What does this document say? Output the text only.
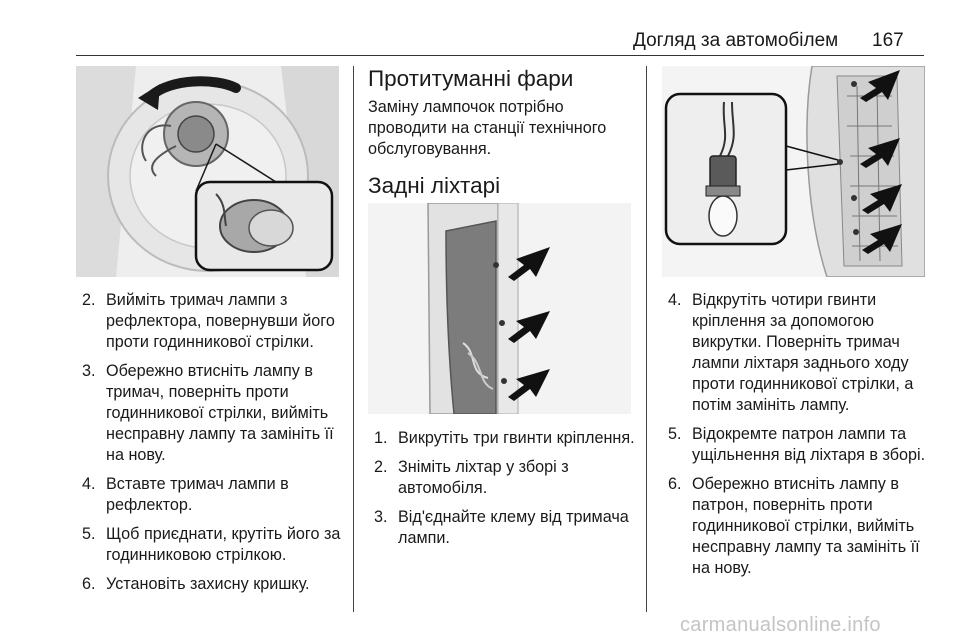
Догляд за автомобілем 167
2. Вийміть тримач лампи з рефлектора, повернувши його проти годинникової стрілки.
3. Обережно втисніть лампу в тримач, поверніть проти годинникової стрілки, вийміть несправну лампу та замініть її на нову.
4. Вставте тримач лампи в рефлектор.
5. Щоб приєднати, крутіть його за годинниковою стрілкою.
6. Установіть захисну кришку.
Протитуманні фари

Заміну лампочок потрібно проводити на станції технічного обслуговування.

Задні ліхтарі
1. Викрутіть три гвинти кріплення.
2. Зніміть ліхтар у зборі з автомобіля.
3. Від'єднайте клему від тримача лампи.
4. Відкрутіть чотири гвинти кріплення за допомогою викрутки. Поверніть тримач лампи ліхтаря заднього ходу проти годинникової стрілки, а потім замініть лампу.
5. Відокремте патрон лампи та ущільнення від ліхтаря в зборі.
6. Обережно втисніть лампу в патрон, поверніть проти годинникової стрілки, вийміть несправну лампу та замініть її на нову.
carmanualsonline.info
